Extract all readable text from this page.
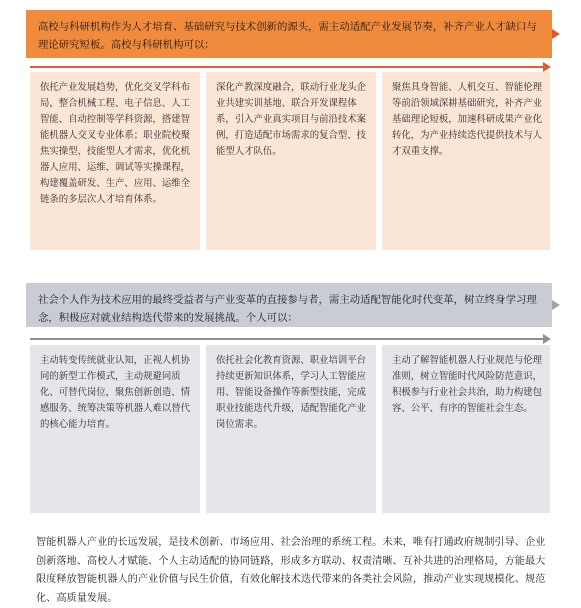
高校与科研机构作为人才培育、基础研究与技术创新的源头，需主动适配产业发展节奏，补齐产业人才缺口与理论研究短板。高校与科研机构可以：
依托产业发展趋势，优化交叉学科布局，整合机械工程、电子信息、人工智能、自动控制等学科资源，搭建智能机器人交叉专业体系；职业院校聚焦实操型、技能型人才需求，优化机器人应用、运维、调试等实操课程，构建覆盖研发、生产、应用、运维全链条的多层次人才培育体系。
深化产教深度融合，联动行业龙头企业共建实训基地、联合开发课程体系，引入产业真实项目与前沿技术案例，打造适配市场需求的复合型、技能型人才队伍。
聚焦具身智能、人机交互、智能伦理等前沿领域深耕基础研究，补齐产业基础理论短板，加速科研成果产业化转化，为产业持续迭代提供技术与人才双重支撑。
社会个人作为技术应用的最终受益者与产业变革的直接参与者，需主动适配智能化时代变革，树立终身学习理念，积极应对就业结构迭代带来的发展挑战。个人可以：
主动转变传统就业认知，正视人机协同的新型工作模式，主动规避同质化、可替代岗位，聚焦创新创造、情感服务、统筹决策等机器人难以替代的核心能力培育。
依托社会化教育资源、职业培训平台持续更新知识体系，学习人工智能应用、智能设备操作等新型技能，完成职业技能迭代升级，适配智能化产业岗位需求。
主动了解智能机器人行业规范与伦理准则，树立智能时代风险防范意识，积极参与行业社会共治，助力构建包容、公平、有序的智能社会生态。

智能机器人产业的长远发展，是技术创新、市场应用、社会治理的系统工程。未来，唯有打通政府规制引导、企业创新落地、高校人才赋能、个人主动适配的协同链路，形成多方联动、权责清晰、互补共进的治理格局，方能最大限度释放智能机器人的产业价值与民生价值，有效化解技术迭代带来的各类社会风险，推动产业实现规模化、规范化、高质量发展。
